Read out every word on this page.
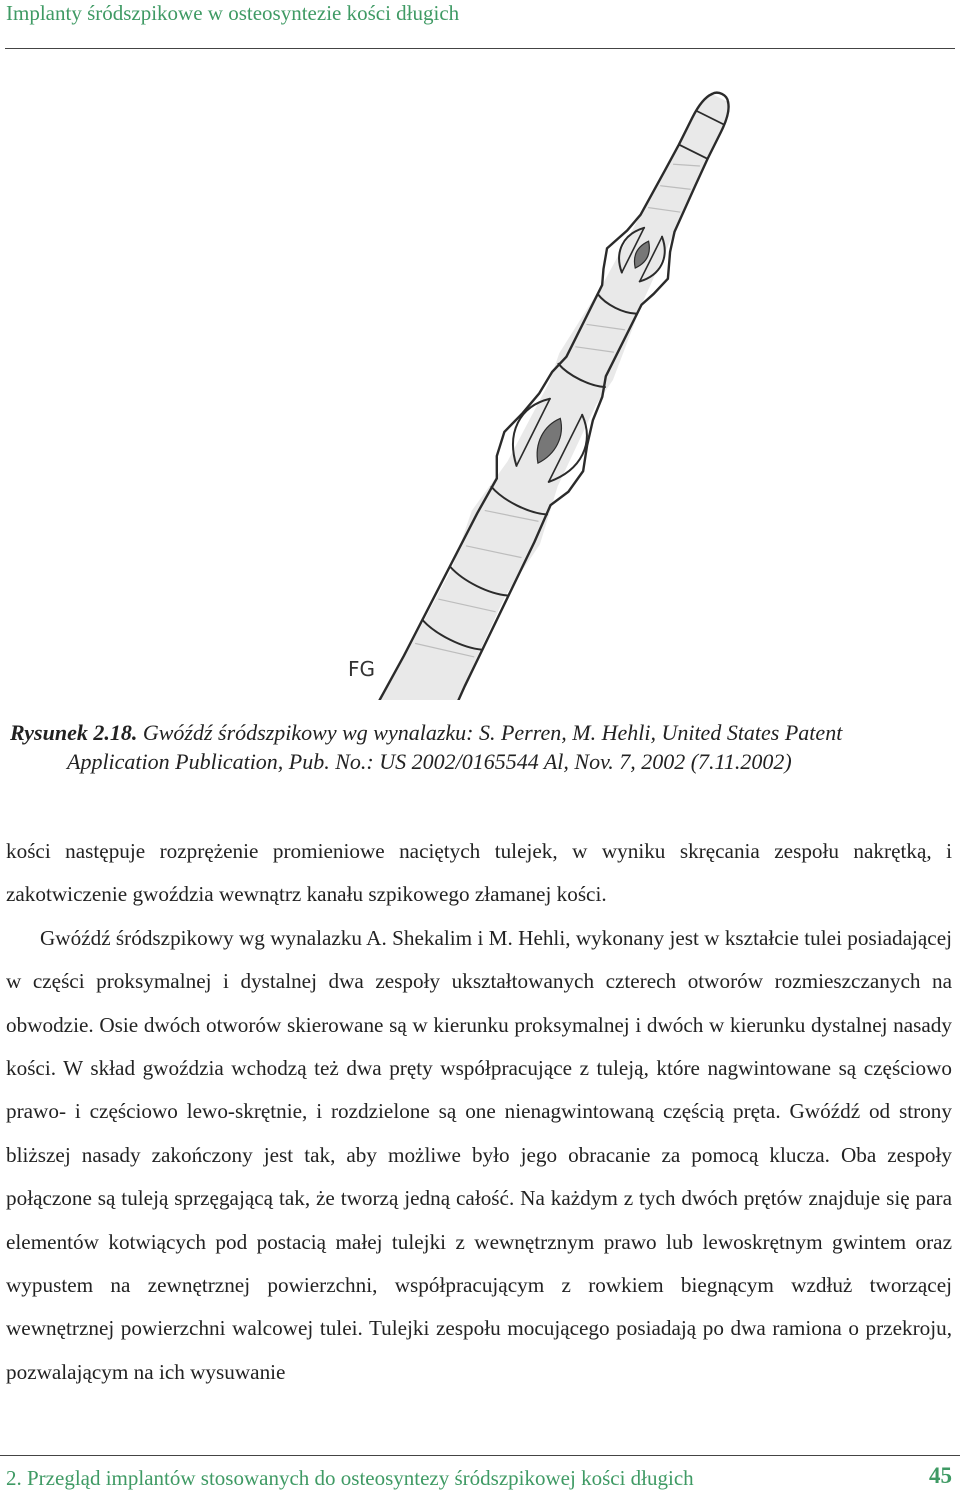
Implanty śródszpikowe w osteosyntezie kości długich
FG
Rysunek 2.18. Gwóźdź śródszpikowy wg wynalazku: S. Perren, M. Hehli, United States Patent
Application Publication, Pub. No.: US 2002/0165544 Al, Nov. 7, 2002 (7.11.2002)

kości następuje rozprężenie promieniowe naciętych tulejek, w wyniku skręcania zespołu nakrętką, i zakotwiczenie gwoździa wewnątrz kanału szpikowego złamanej kości.

Gwóźdź śródszpikowy wg wynalazku A. Shekalim i M. Hehli, wykonany jest w kształcie tulei posiadającej w części proksymalnej i dystalnej dwa zespoły ukształtowanych czterech otworów rozmieszczanych na obwodzie. Osie dwóch otworów skierowane są w kierunku proksymalnej i dwóch w kierunku dystalnej nasady kości. W skład gwoździa wchodzą też dwa pręty współpracujące z tuleją, które nagwintowane są częściowo prawo- i częściowo lewo-skrętnie, i rozdzielone są one nienagwintowaną częścią pręta. Gwóźdź od strony bliższej nasady zakończony jest tak, aby możliwe było jego obracanie za pomocą klucza. Oba zespoły połączone są tuleją sprzęgającą tak, że tworzą jedną całość. Na każdym z tych dwóch prętów znajduje się para elementów kotwiących pod postacią małej tulejki z wewnętrznym prawo lub lewoskrętnym gwintem oraz wypustem na zewnętrznej powierzchni, współpracującym z rowkiem biegnącym wzdłuż tworzącej wewnętrznej powierzchni walcowej tulei. Tulejki zespołu mocującego posiadają po dwa ramiona o przekroju, pozwalającym na ich wysuwanie

2. Przegląd implantów stosowanych do osteosyntezy śródszpikowej kości długich	45
